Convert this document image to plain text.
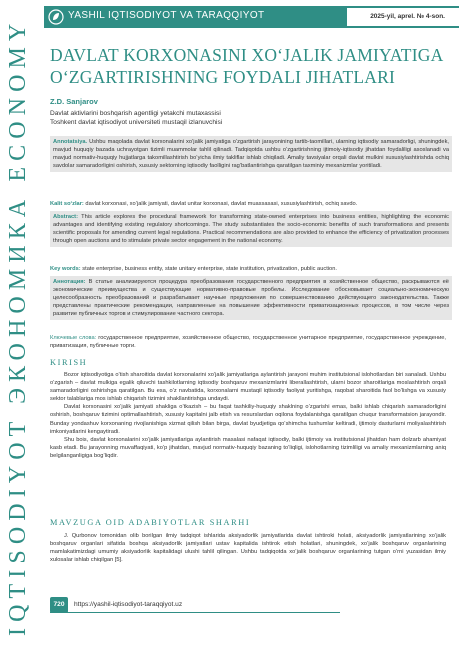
YASHIL IQTISODIYOT VA TARAQQIYOT	2025-yil, aprel. № 4-son.
IQTISODIYOT ЭКОНОМИКА ECONOMY DAVLAT KORXONASINI XO‘JALIK JAMIYATIGA O‘ZGARTIRISHNING FOYDALI JIHATLARI
Z.D. Sanjarov
Davlat aktivlarini boshqarish agentligi yetakchi mutaxassisi
Toshkent davlat iqtisodiyot universiteti mustaqil izlanuvchisi
Annotatsiya. Ushbu maqolada davlat korxonalarini xo‘jalik jamiyatiga o‘zgartirish jarayonining tartib-taomillari, ularning iqtisodiy samaradorligi, shuningdek, mavjud huquqiy bazada uchrayotgan tizimli muammolar tahlil qilinadi. Tadqiqotda ushbu o‘zgartirishning ijtimoiy-iqtisodiy jihatdan foydaliligi asoslanadi va mavjud normativ-huquqiy hujjatlarga takomillashtirish bo‘yicha ilmiy takliflar ishlab chiqiladi. Amaliy tavsiyalar orqali davlat mulkini xususiylashtirishda ochiq savdolar samaradorligini oshirish, xususiy sektorning iqtisodiy faolligini rag‘batlantirishga qaratilgan taxminiy mexanizmlar yoritiladi.
Kalit so‘zlar: davlat korxonasi, xo‘jalik jamiyati, davlat unitar korxonasi, davlat muassasasi, xususiylashtirish, ochiq savdo.
Abstract: This article explores the procedural framework for transforming state-owned enterprises into business entities, highlighting the economic advantages and identifying existing regulatory shortcomings. The study substantiates the socio-economic benefits of such transformations and presents scientific proposals for amending current legal regulations. Practical recommendations are also provided to enhance the efficiency of privatization processes through open auctions and to stimulate private sector engagement in the national economy.
Key words: state enterprise, business entity, state unitary enterprise, state institution, privatization, public auction.
Аннотация: В статье анализируются процедура преобразования государственного предприятия в хозяйственное общество, раскрываются её экономические преимущества и существующие нормативно-правовые пробелы. Исследование обосновывает социально-экономическую целесообразность преобразований и разрабатывает научные предложения по совершенствованию действующего законодательства. Также представлены практические рекомендации, направленные на повышение эффективности приватизационных процессов, в том числе через развитие публичных торгов и стимулирование частного сектора.
Ключевые слова: государственное предприятие, хозяйственное общество, государственное унитарное предприятие, государственное учреждение, приватизация, публичные торги.
KIRISH

Bozor iqtisodiyotiga o‘tish sharoitida davlat korxonalarini xo‘jalik jamiyatlariga aylantirish jarayoni muhim institutsional islohotlardan biri sanaladi. Ushbu o‘zgarish – davlat mulkiga egalik qiluvchi tashkilotlarning iqtisodiy boshqaruv mexanizmlarini liberallashtirish, ularni bozor sharoitlariga moslashtirish orqali samaradorligini oshirishga qaratilgan. Bu esa, o‘z navbatida, korxonalarni mustaqil iqtisodiy faoliyat yuritishga, raqobat sharoitida faol bo‘lishga va xususiy sektor talablariga mos ishlab chiqarish tizimini shakllantirishga undaydi.

Davlat korxonasini xo‘jalik jamiyati shakliga o‘tkazish – bu faqat tashkiliy-huquqiy shaklning o‘zgarishi emas, balki ishlab chiqarish samaradorligini oshirish, boshqaruv tizimini optimallashtirish, xususiy kapitalni jalb etish va resurslardan oqilona foydalanishga qaratilgan chuqur transformatsion jarayondir. Bunday yondashuv korxonaning rivojlanishiga xizmat qilish bilan birga, davlat byudjetiga qo‘shimcha tushumlar keltiradi, ijtimoiy dasturlarni moliyalashtirish imkoniyatlarini kengaytiradi.

Shu bois, davlat korxonalarini xo‘jalik jamiyatlariga aylantirish masalasi nafaqat iqtisodiy, balki ijtimoiy va institutsional jihatdan ham dolzarb ahamiyat kasb etadi. Bu jarayonning muvaffaqiyati, ko‘p jihatdan, mavjud normativ-huquqiy bazaning to‘liqligi, islohotlarning tizimliligi va amaliy mexanizmlarning aniq belgilanganligiga bog‘liqdir.

MAVZUGA OID ADABIYOTLAR SHARHI

J. Qurbonov tomonidan olib borilgan ilmiy tadqiqot ishlarida aksiyadorlik jamiyatlarida davlat ishtiroki holati, aksiyadorlik jamiyatlarining xo‘jalik boshqaruv organlari sifatida boshqa aksiyadorlik jamiyatlari ustav kapitalida ishtirok etish holatlari, shuningdek, xo‘jalik boshqaruv organlarining mamlakatimizdagi umumiy aksiyadorlik kapitalidagi ulushi tahlil qilingan. Ushbu tadqiqotda xo‘jalik boshqaruv organlarining tutgan o‘rni yuzasidan ilmiy xulosalar ishlab chiqilgan [5].

720	https://yashil-iqtisodiyot-taraqqiyot.uz
